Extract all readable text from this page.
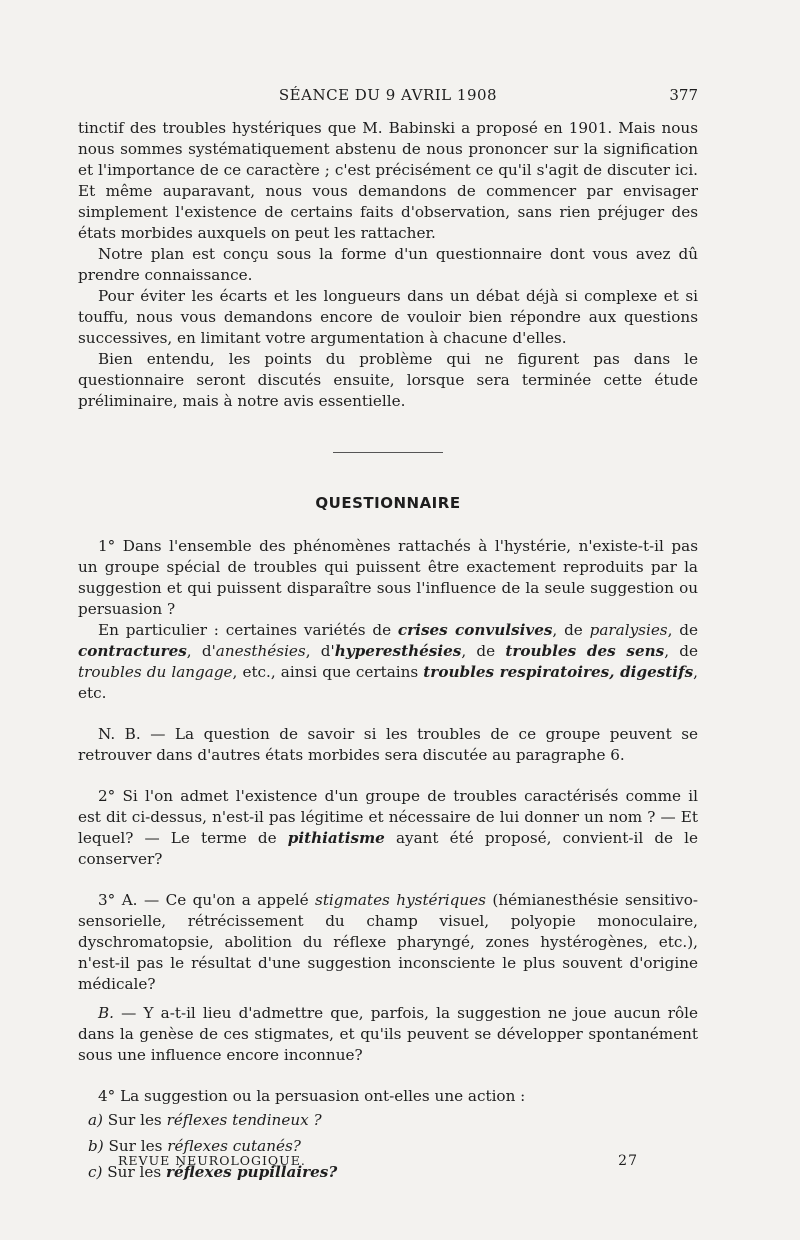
SÉANCE DU 9 AVRIL 1908	377

tinctif des troubles hystériques que M. Babinski a proposé en 1901. Mais nous nous sommes systématiquement abstenu de nous prononcer sur la signification et l'importance de ce caractère ; c'est précisément ce qu'il s'agit de discuter ici. Et même auparavant, nous vous demandons de commencer par envisager simplement l'existence de certains faits d'observation, sans rien préjuger des états morbides auxquels on peut les rattacher.

Notre plan est conçu sous la forme d'un questionnaire dont vous avez dû prendre connaissance.

Pour éviter les écarts et les longueurs dans un débat déjà si complexe et si touffu, nous vous demandons encore de vouloir bien répondre aux questions successives, en limitant votre argumentation à chacune d'elles.

Bien entendu, les points du problème qui ne figurent pas dans le questionnaire seront discutés ensuite, lorsque sera terminée cette étude préliminaire, mais à notre avis essentielle.

QUESTIONNAIRE

1° Dans l'ensemble des phénomènes rattachés à l'hystérie, n'existe-t-il pas un groupe spécial de troubles qui puissent être exactement reproduits par la suggestion et qui puissent disparaître sous l'influence de la seule suggestion ou persuasion ?

En particulier : certaines variétés de crises convulsives, de paralysies, de contractures, d'anesthésies, d'hyperesthésies, de troubles des sens, de troubles du langage, etc., ainsi que certains troubles respiratoires, digestifs, etc.

N. B. — La question de savoir si les troubles de ce groupe peuvent se retrouver dans d'autres états morbides sera discutée au paragraphe 6.

2° Si l'on admet l'existence d'un groupe de troubles caractérisés comme il est dit ci-dessus, n'est-il pas légitime et nécessaire de lui donner un nom ? — Et lequel? — Le terme de pithiatisme ayant été proposé, convient-il de le conserver?

3° A. — Ce qu'on a appelé stigmates hystériques (hémianesthésie sensitivo-sensorielle, rétrécissement du champ visuel, polyopie monoculaire, dyschromatopsie, abolition du réflexe pharyngé, zones hystérogènes, etc.), n'est-il pas le résultat d'une suggestion inconsciente le plus souvent d'origine médicale?

B. — Y a-t-il lieu d'admettre que, parfois, la suggestion ne joue aucun rôle dans la genèse de ces stigmates, et qu'ils peuvent se développer spontanément sous une influence encore inconnue?

4° La suggestion ou la persuasion ont-elles une action :

a) Sur les réflexes tendineux ?

b) Sur les réflexes cutanés?

c) Sur les réflexes pupillaires?

REVUE NEUROLOGIQUE.	27
